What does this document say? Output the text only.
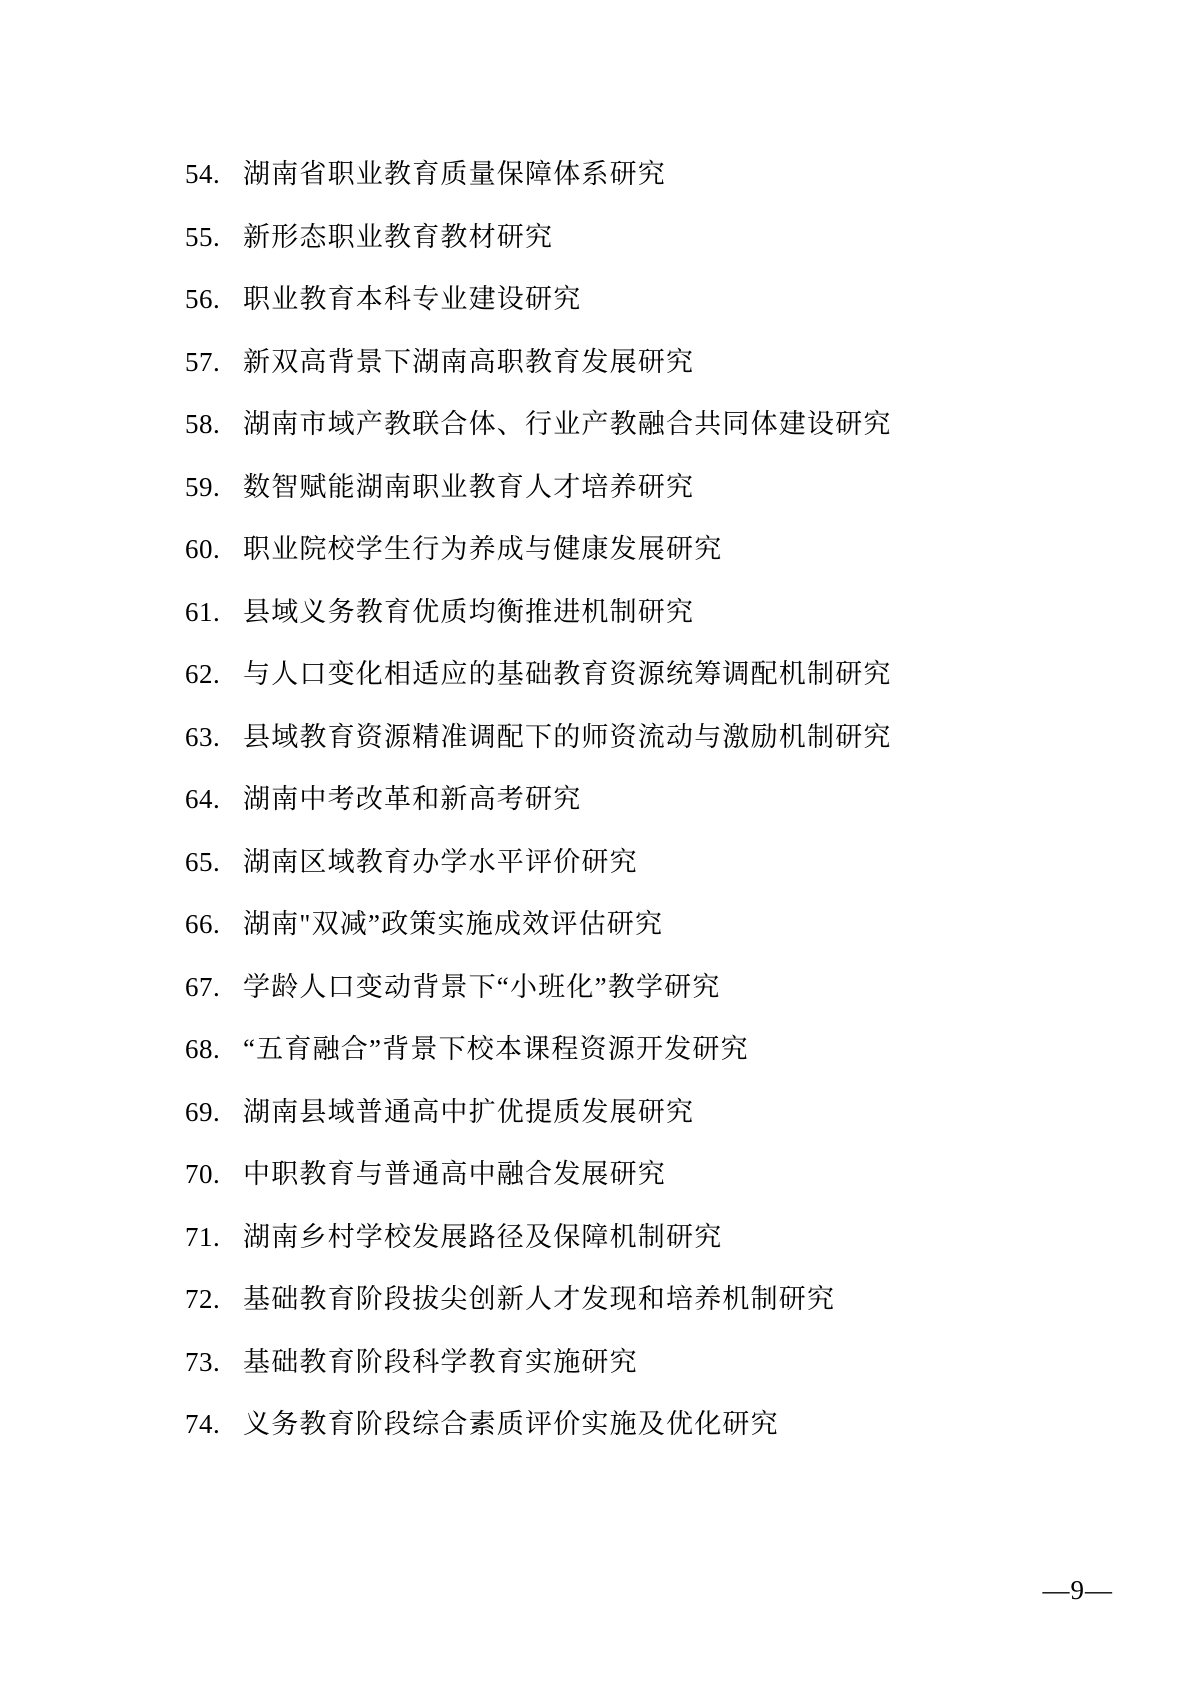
54. 湖南省职业教育质量保障体系研究
55. 新形态职业教育教材研究
56. 职业教育本科专业建设研究
57. 新双高背景下湖南高职教育发展研究
58. 湖南市域产教联合体、行业产教融合共同体建设研究
59. 数智赋能湖南职业教育人才培养研究
60. 职业院校学生行为养成与健康发展研究
61. 县域义务教育优质均衡推进机制研究
62. 与人口变化相适应的基础教育资源统筹调配机制研究
63. 县域教育资源精准调配下的师资流动与激励机制研究
64. 湖南中考改革和新高考研究
65. 湖南区域教育办学水平评价研究
66. 湖南"双减”政策实施成效评估研究
67. 学龄人口变动背景下“小班化”教学研究
68. “五育融合”背景下校本课程资源开发研究
69. 湖南县域普通高中扩优提质发展研究
70. 中职教育与普通高中融合发展研究
71. 湖南乡村学校发展路径及保障机制研究
72. 基础教育阶段拔尖创新人才发现和培养机制研究
73. 基础教育阶段科学教育实施研究
74. 义务教育阶段综合素质评价实施及优化研究
—9—
